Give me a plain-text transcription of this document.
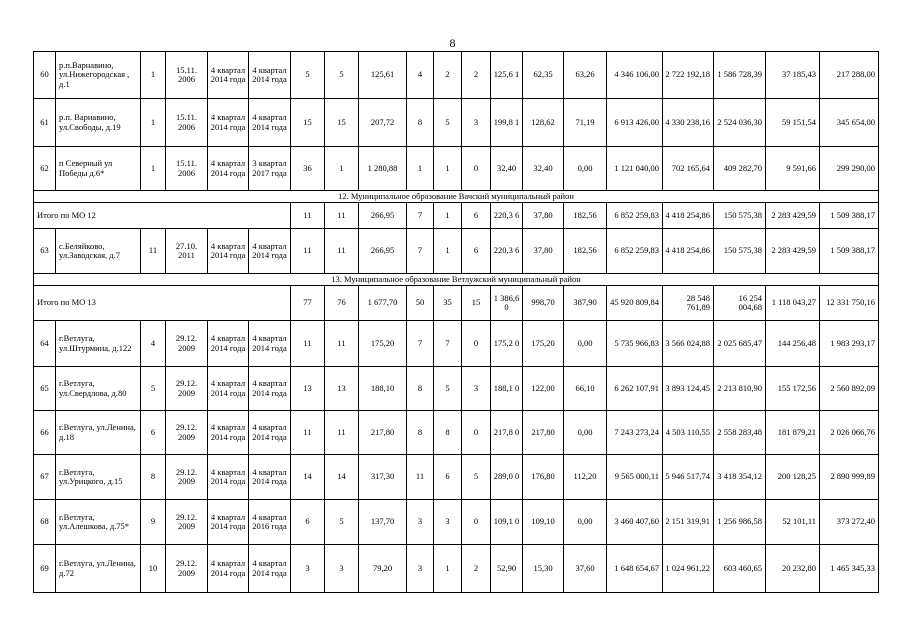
8
60	р.п.Варнавино, ул.Нижегородская , д.1	1	15.11. 2006	4 квартал 2014 года	4 квартал 2014 года	5	5	125,61	4	2	2	125,6 1	62,35	63,26	4 346 106,00	2 722 192,18	1 586 728,39	37 185,43	217 288,00
61	р.п. Варнавино, ул.Свободы, д.19	1	15.11. 2006	4 квартал 2014 года	4 квартал 2014 года	15	15	207,72	8	5	3	199,8 1	128,62	71,19	6 913 426,00	4 330 238,16	2 524 036,30	59 151,54	345 654,00
62	п Северный ул Победы д.6*	1	15.11. 2006	4 квартал 2014 года	3 квартал 2017 года	36	1	1 280,88	1	1	0	32,40	32,40	0,00	1 121 040,00	702 165,64	409 282,70	9 591,66	299 290,00
12. Муниципальное образование Вачский муниципальный район																			
Итого по МО 12						11	11	266,95	7	1	6	220,3 6	37,80	182,56	6 852 259,83	4 418 254,86	150 575,38	2 283 429,59	1 509 388,17
63	с.Беляйково, ул.Заводская, д.7	11	27.10. 2011	4 квартал 2014 года	4 квартал 2014 года	11	11	266,95	7	1	6	220,3 6	37,80	182,56	6 852 259,83	4 418 254,86	150 575,38	2 283 429,59	1 509 388,17
13. Муниципальное образование Ветлужский муниципальный район																			
Итого по МО 13						77	76	1 677,70	50	35	15	1 386,6 0	998,70	387,90	45 920 809,84	28 548 761,89	16 254 004,68	1 118 043,27	12 331 750,16
64	г.Ветлуга, ул.Штурмина, д.122	4	29.12. 2009	4 квартал 2014 года	4 квартал 2014 года	11	11	175,20	7	7	0	175,2 0	175,20	0,00	5 735 966,83	3 566 024,88	2 025 685,47	144 256,48	1 983 293,17
65	г.Ветлуга, ул.Свердлова, д.80	5	29.12. 2009	4 квартал 2014 года	4 квартал 2014 года	13	13	188,10	8	5	3	188,1 0	122,00	66,10	6 262 107,91	3 893 124,45	2 213 810,90	155 172,56	2 560 892,09
66	г.Ветлуга, ул.Ленина, д.18	6	29.12. 2009	4 квартал 2014 года	4 квартал 2014 года	11	11	217,80	8	8	0	217,8 0	217,80	0,00	7 243 273,24	4 503 110,55	2 558 283,48	181 879,21	2 026 066,76
67	г.Ветлуга, ул.Урицкого, д.15	8	29.12. 2009	4 квартал 2014 года	4 квартал 2014 года	14	14	317,30	11	6	5	289,0 0	176,80	112,20	9 565 000,11	5 946 517,74	3 418 354,12	200 128,25	2 890 999,89
68	г.Ветлуга, ул.Алешкова, д.75*	9	29.12. 2009	4 квартал 2014 года	4 квартал 2016 года	6	5	137,70	3	3	0	109,1 0	109,10	0,00	3 460 407,60	2 151 319,91	1 256 986,58	52 101,11	373 272,40
69	г.Ветлуга, ул.Ленина, д.72	10	29.12. 2009	4 квартал 2014 года	4 квартал 2014 года	3	3	79,20	3	1	2	52,90	15,30	37,60	1 648 654,67	1 024 961,22	603 460,65	20 232,80	1 465 345,33
